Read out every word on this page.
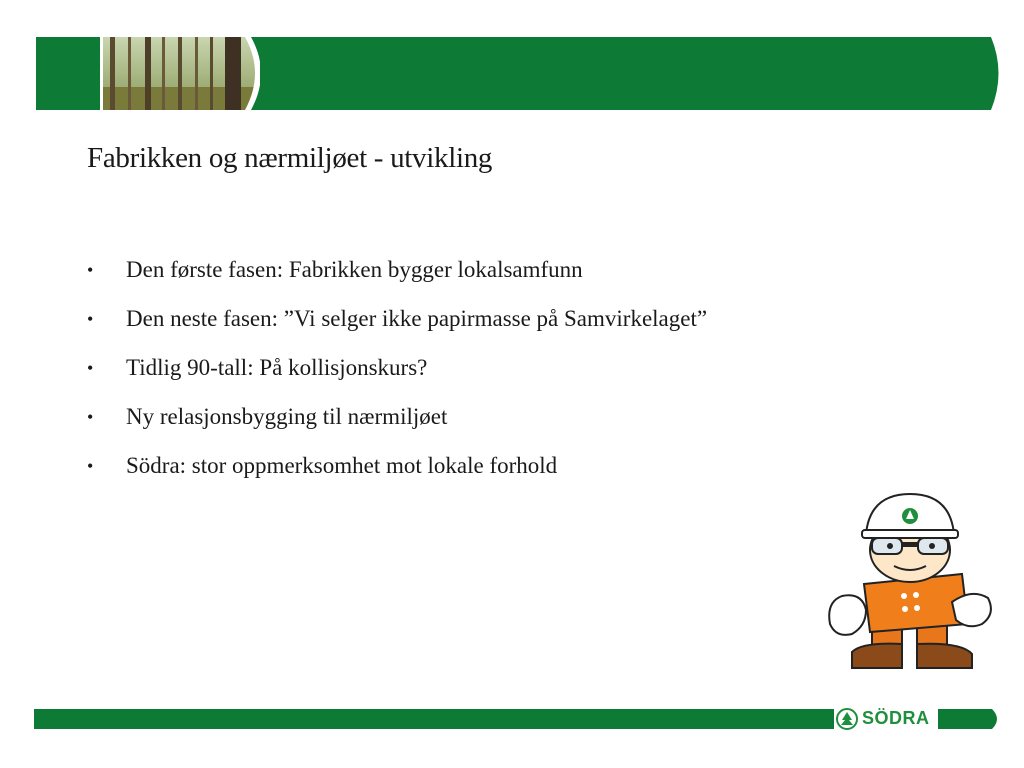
Fabrikken og nærmiljøet - utvikling
• Den første fasen: Fabrikken bygger lokalsamfunn
• Den neste fasen: ”Vi selger ikke papirmasse på Samvirkelaget”
• Tidlig 90-tall: På kollisjonskurs?
• Ny relasjonsbygging til nærmiljøet
• Södra: stor oppmerksomhet mot lokale forhold
SÖDRA
